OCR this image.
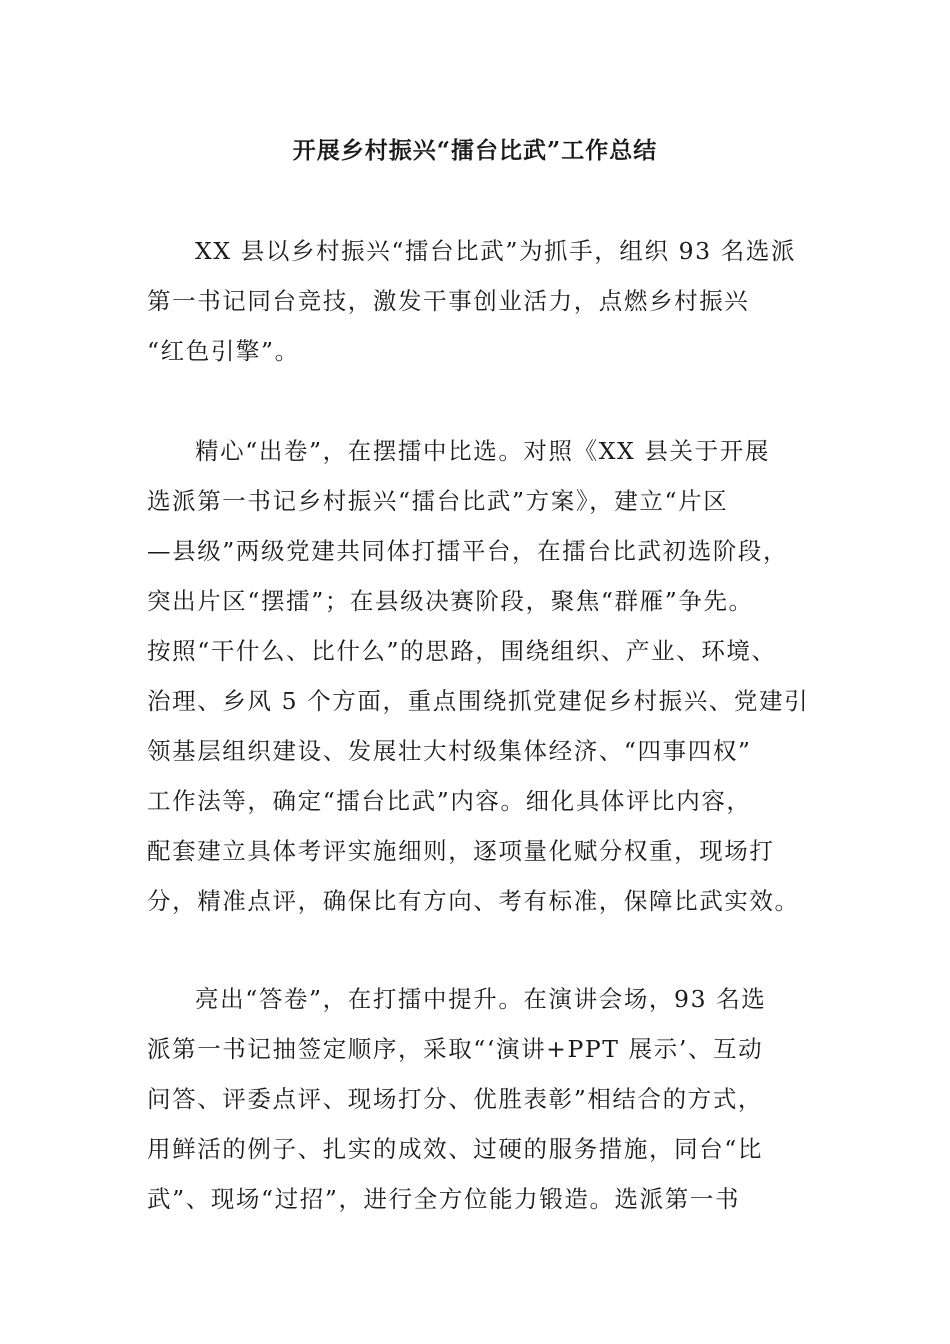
开展乡村振兴“擂台比武”工作总结
XX 县以乡村振兴“擂台比武”为抓手，组织 93 名选派
第一书记同台竞技，激发干事创业活力，点燃乡村振兴
“红色引擎”。
精心“出卷”，在摆擂中比选。对照《XX 县关于开展
选派第一书记乡村振兴“擂台比武”方案》，建立“片区
—县级”两级党建共同体打擂平台，在擂台比武初选阶段，
突出片区“摆擂”；在县级决赛阶段，聚焦“群雁”争先。
按照“干什么、比什么”的思路，围绕组织、产业、环境、
治理、乡风 5 个方面，重点围绕抓党建促乡村振兴、党建引
领基层组织建设、发展壮大村级集体经济、“四事四权”
工作法等，确定“擂台比武”内容。细化具体评比内容，
配套建立具体考评实施细则，逐项量化赋分权重，现场打
分，精准点评，确保比有方向、考有标准，保障比武实效。
亮出“答卷”，在打擂中提升。在演讲会场，93 名选
派第一书记抽签定顺序，采取“‘演讲+PPT 展示’、互动
问答、评委点评、现场打分、优胜表彰”相结合的方式，
用鲜活的例子、扎实的成效、过硬的服务措施，同台“比
武”、现场“过招”，进行全方位能力锻造。选派第一书
